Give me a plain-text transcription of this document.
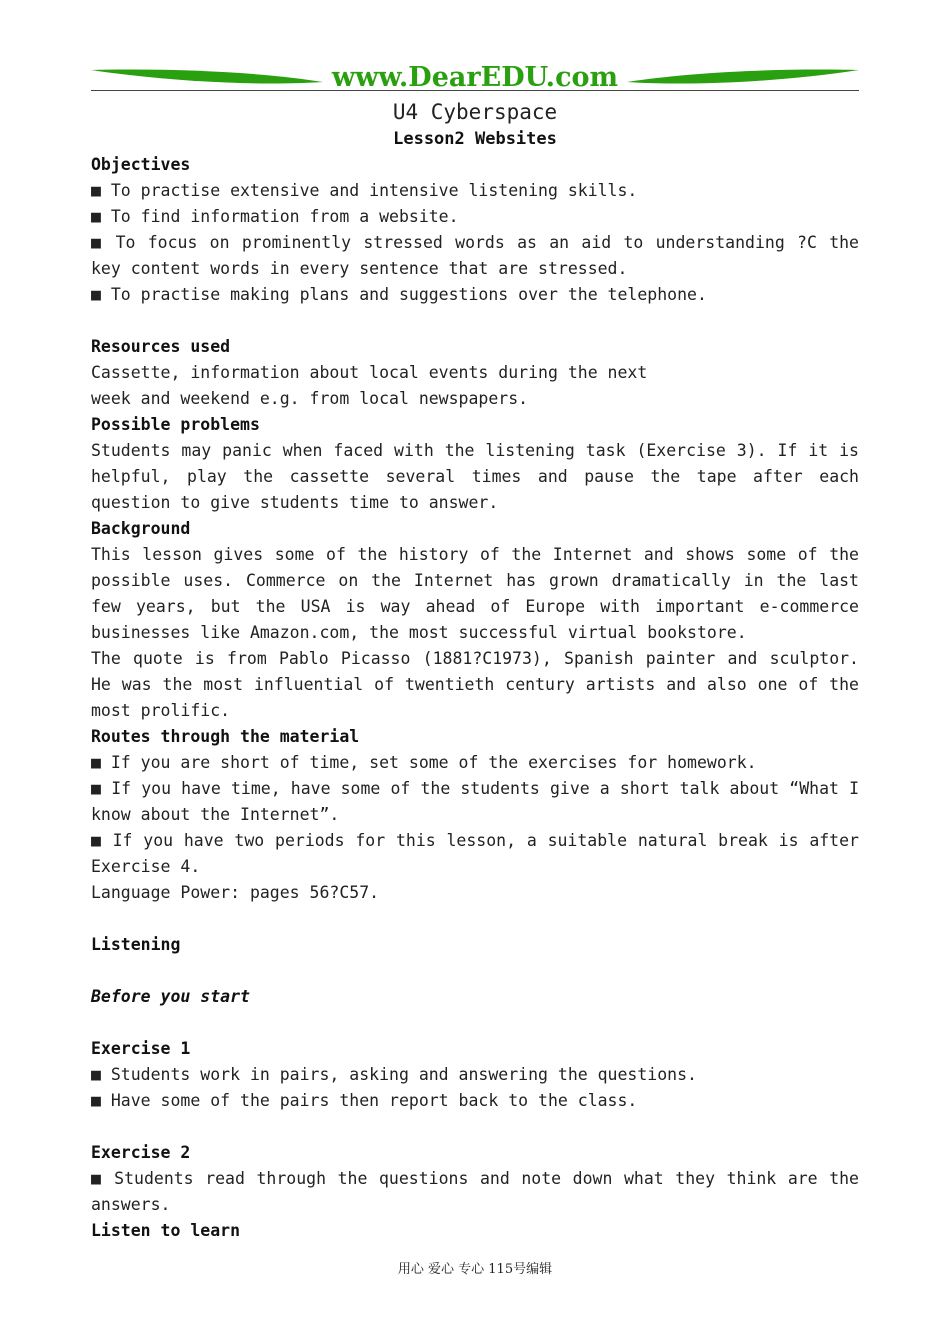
www.DearEDU.com
U4 Cyberspace
Lesson2 Websites

Objectives

■ To practise extensive and intensive listening skills.

■ To find information from a website.

■ To focus on prominently stressed words as an aid to understanding ?C the key content words in every sentence that are stressed.

■ To practise making plans and suggestions over the telephone.

Resources used

Cassette, information about local events during the next

week and weekend e.g. from local newspapers.

Possible problems

Students may panic when faced with the listening task (Exercise 3). If it is helpful, play the cassette several times and pause the tape after each question to give students time to answer.

Background

This lesson gives some of the history of the Internet and shows some of the possible uses. Commerce on the Internet has grown dramatically in the last few years, but the USA is way ahead of Europe with important e-commerce businesses like Amazon.com, the most successful virtual bookstore.

The quote is from Pablo Picasso (1881?C1973), Spanish painter and sculptor. He was the most influential of twentieth century artists and also one of the most prolific.

Routes through the material

■ If you are short of time, set some of the exercises for homework.

■ If you have time, have some of the students give a short talk about “What I know about the Internet”.

■ If you have two periods for this lesson, a suitable natural break is after Exercise 4.

Language Power: pages 56?C57.

Listening

Before you start

Exercise 1

■ Students work in pairs, asking and answering the questions.

■ Have some of the pairs then report back to the class.

Exercise 2

■ Students read through the questions and note down what they think are the answers.

Listen to learn

用心 爱心 专心 115号编辑
